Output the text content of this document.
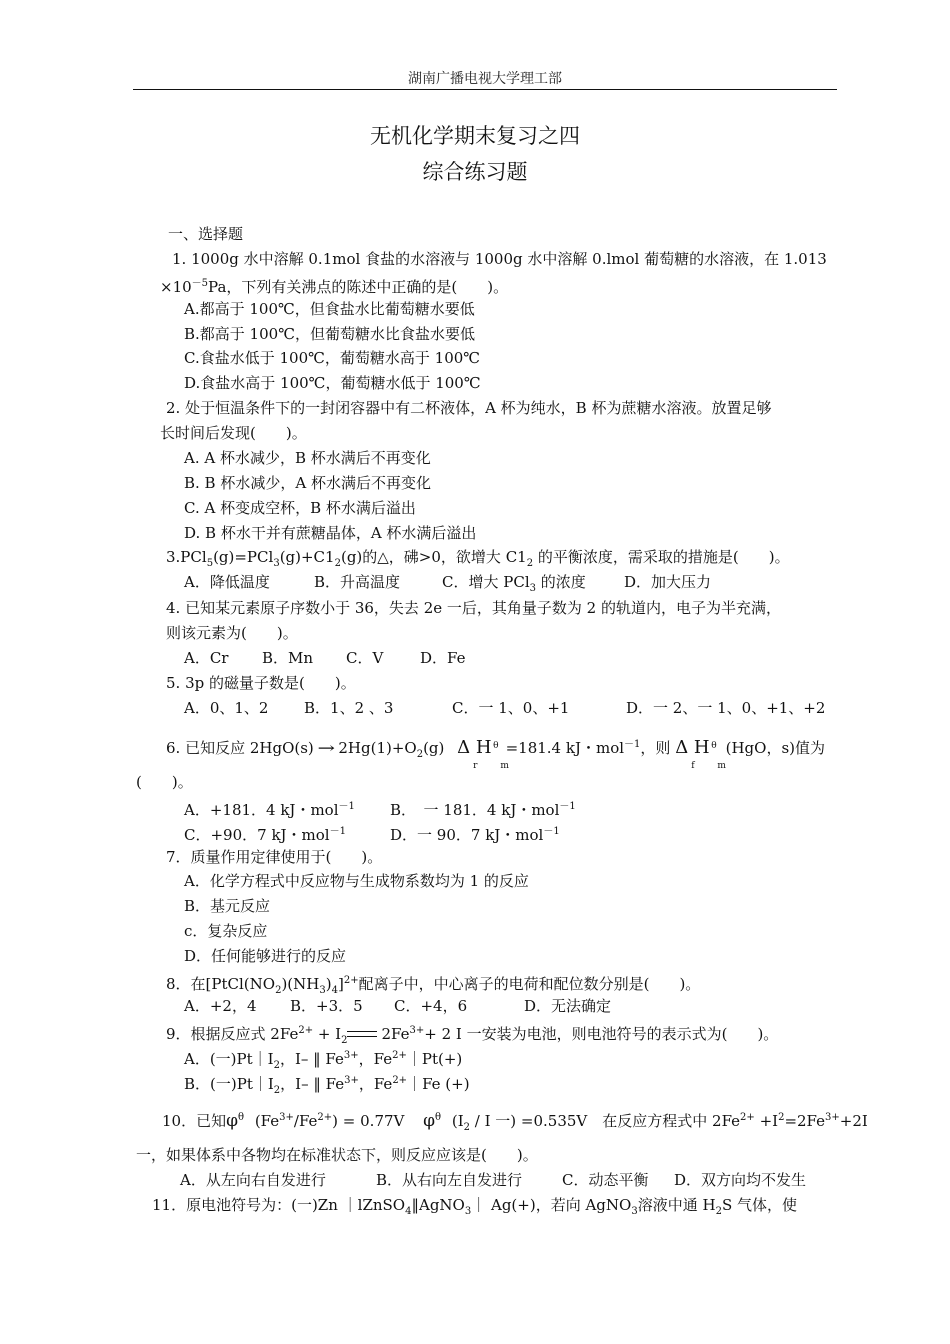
湖南广播电视大学理工部
无机化学期末复习之四
综合练习题
一、选择题
1. 1000g 水中溶解 0.1mol 食盐的水溶液与 1000g 水中溶解 0.lmol 葡萄糖的水溶液，在 1.013
$\times 10^{-5}Pa$，下列有关沸点的陈述中正确的是(　　)。
A.都高于 100℃，但食盐水比葡萄糖水要低
B.都高于 100℃，但葡萄糖水比食盐水要低
C.食盐水低于 100℃，葡萄糖水高于 100℃
D.食盐水高于 100℃，葡萄糖水低于 100℃
2. 处于恒温条件下的一封闭容器中有二杯液体，A 杯为纯水，B 杯为蔗糖水溶液。放置足够
长时间后发现(　　)。
A. A 杯水减少，B 杯水满后不再变化
B. B 杯水减少，A 杯水满后不再变化
C. A 杯变成空杯，B 杯水满后溢出
D. B 杯水干并有蔗糖晶体，A 杯水满后溢出
$3.PCl_5(g)=PCl_3(g)+C1_2(g)$的△，砩>0，欲增大 $C1_2$ 的平衡浓度，需采取的措施是(　　)。
A．降低温度	B．升高温度	C．增大 PCl$_3$ 的浓度	D．加大压力
4. 已知某元素原子序数小于 36，失去 2e 一后，其角量子数为 2 的轨道内，电子为半充满，
则该元素为(　　)。
A．Cr B．Mn C．V D．Fe
5. 3p 的磁量子数是(　　)。
A．0、1、2 B．1、2 、3	C．一 1、0、+1	D．一 2、一 1、0、+1、+2
6. 已知反应 $2HgO(s) \to 2Hg(1)+O_2(g)$ Δ H θ
r m
=181.4 kJ・mol$^{-1}$，则 Δ H θ
f m
(HgO，s)值为
(　　)。
A．+181．4 kJ・mol$^{-1}$ B．　一 181．4 kJ・mol$^{-1}$
C．+90．7 kJ・mol$^{-1}$	D．一 90．7 kJ・mol$^{-1}$
7．质量作用定律使用于(　　)。
A．化学方程式中反应物与生成物系数均为 1 的反应
B．基元反应
c．复杂反应
D．任何能够进行的反应
8．在$[PtCl(NO_2)(NH_3)_4]^{2+}$配离子中，中心离子的电荷和配位数分别是(　　)。
A．+2，4 B．+3．5 C．+4，6	D．无法确定
9．根据反应式 $2Fe^{2+} + I_2$ $2Fe^{3+}+ 2$ I 一安装为电池，则电池符号的表示式为(　　)。
A．(一)$Pt|I_2$，I– ‖ $Fe^{3+}$，$Fe^{2+}|Pt(+)$
B．(一)$Pt|I_2$，I– ‖ $Fe^{3+}$，$Fe^{2+}|Fe$ (+)
10．已知$\varphi^\theta$ $(Fe^{3+}/Fe^{2+}) = 0.77V$ $\varphi^\theta$ ($I_2$ / I 一) =0.535V　在反应方程式中 $2Fe^{2+} +I^2=2Fe^{3+}+2I$
一，如果体系中各物均在标准状态下，则反应应该是(　　)。
A．从左向右自发进行	B．从右向左自发进行	C．动态平衡 D．双方向均不发生
11．原电池符号为：(一)Zn ｜lZnSO$_4$‖AgNO$_3$｜ Ag(+)，若向 AgNO$_3$溶液中通 $H_2S$ 气体，使
